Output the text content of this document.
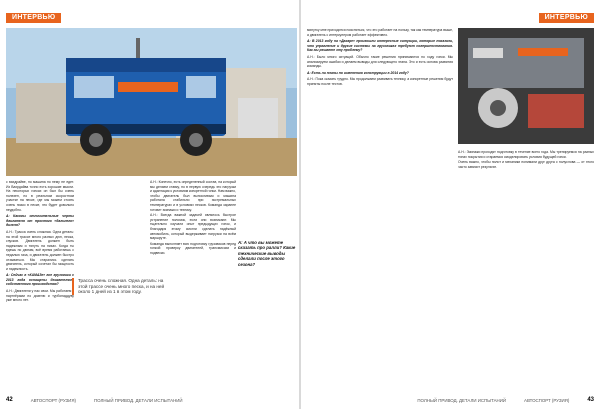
ИНТЕРВЬЮ

с вахдрайве, но машина по нему не едет. Из Вахрдайва точно есть хорошие мысли. На некоторых гонках он был бы очень полезен, но в реальном скоростном участке на песке, где мы можем стоять очень низко в песке, это будет довольно неудобно.

А: Каковы отличительные черты двигателя от простого «дальнего» дизеля?

А.Н.: Трасса очень сложная. Одна деталь: на этой трассе много разных дюн, песка, спусков. Двигатель должен быть надежным и тянуть на низах. Когда ты едешь по дюнам, всё время работаешь с педалью газа, и двигатель должен быстро отзываться. Мы старались сделать двигатель, который сочетал бы мощность и надежность.

А: Сейчас в «КАМАЗе» все грузовики с 2013 года оснащены двигателями собственного производства?

А.Н.: Двигатели у нас свои. Мы работаем с партнёрами по дизелю и турбонаддуву уже много лет.

Трасса очень сложная. Одна деталь: на этой трассе очень много песка, и на ней около 1 дней из 1 в этом году.

А.Н.: Конечно, есть определенный состав, на который мы делаем ставку, но в первую очередь это нагрузки и адаптация к условиям конкретной гонки. Нам важно, чтобы двигатель был выносливым и машина работала стабильно при экстремальных температурах и в условиях песков. Команда заранее готовит экипажи и технику.

А.Н.: Всегда важной задачей являлось быстрое устранение поломок, если они возникают. Мы тщательно изучали опыт предыдущих гонок, и благодаря этому смогли сделать надёжный автомобиль, который выдерживает нагрузки на всём маршруте.

Команда выполняет всю подготовку грузовиков перед гонкой: проверку двигателей, трансмиссии и подвески.

А: А что вы можете сказать про ралли? Какие технические выводы сделали после этого сезона?
42	АВТОСПОРТ (РУЗИЯ)	ПОЛНЫЙ ПРИВОД. ДЕТАЛИ ИСПЫТАНИЙ
ИНТЕРВЬЮ

минутку мне приходится поясняться, что это работает на пользу, так как температура выше, а двигатель с интеркулером работает эффективно.

А: В 2013 году на «Дакаре» произошли интересные ситуации, которые показали, что управление и другие системы на грузовиках требуют совершенствования. Как вы решаете эту проблему?

А.Н.: Было много ситуаций. Обычно такие решения принимаются по ходу гонки. Мы анализируем ошибки и делаем выводы для следующего этапа. Это и есть основа развития команды.

А: Есть ли планы по изменению конструкции в 2014 году?

А.Н.: Пока сказать трудно. Мы продолжаем развивать технику, а конкретные решения будут приняты после тестов.

А.Н.: Экипажи проходят подготовку в течение всего года. Мы тренируемся на разных типах покрытия и стараемся смоделировать условия будущей гонки.

Очень важно, чтобы пилот и механики понимали друг друга с полуслова — от этого часто зависит результат.

ПОЛНЫЙ ПРИВОД. ДЕТАЛИ ИСПЫТАНИЙ	АВТОСПОРТ (РУЗИЯ)	43
